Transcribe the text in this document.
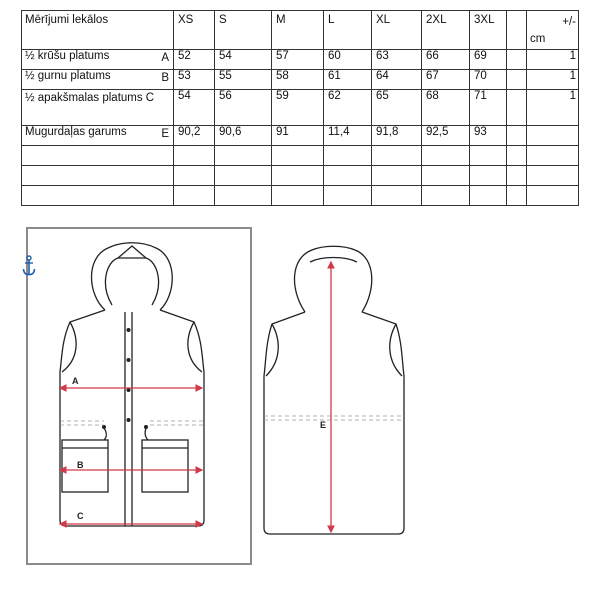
Mērījumi lekālos	XS	S	M	L	XL	2XL	3XL		+/-
cm

½ krūšu platums A	52	54	57	60	63	66	69		1
½ gurnu platums B	53	55	58	61	64	67	70		1

½ apakšmalas platums C	54	56	59	62	65	68	71		1
Mugurdaļas garums E	90,2	90,6	91	11,4	91,8	92,5	93		

A
B
C
E
